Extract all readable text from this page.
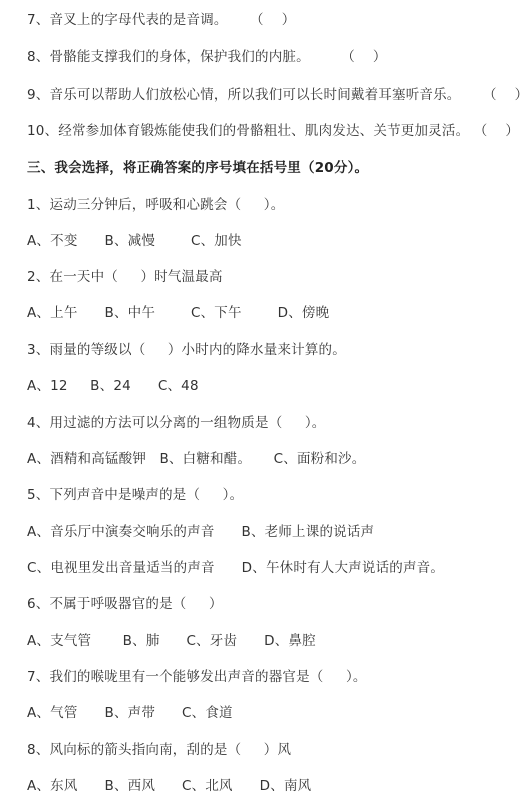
7、音叉上的字母代表的是音调。     （    ）
8、骨骼能支撑我们的身体，保护我们的内脏。       （    ）
9、音乐可以帮助人们放松心情，所以我们可以长时间戴着耳塞听音乐。     （    ）
10、经常参加体育锻炼能使我们的骨骼粗壮、肌肉发达、关节更加灵活。 （    ）
三、我会选择，将正确答案的序号填在括号里（20分）。
1、运动三分钟后，呼吸和心跳会（     ）。
A、不变      B、减慢        C、加快
2、在一天中（     ）时气温最高
A、上午      B、中午        C、下午        D、傍晚
3、雨量的等级以（     ）小时内的降水量来计算的。
A、12     B、24      C、48
4、用过滤的方法可以分离的一组物质是（     ）。
A、酒精和高锰酸钾   B、白糖和醋。     C、面粉和沙。
5、下列声音中是噪声的是（     ）。
A、音乐厅中演奏交响乐的声音      B、老师上课的说话声
C、电视里发出音量适当的声音      D、午休时有人大声说话的声音。
6、不属于呼吸器官的是（     ）
A、支气管       B、肺      C、牙齿      D、鼻腔
7、我们的喉咙里有一个能够发出声音的器官是（     ）。
A、气管      B、声带      C、食道
8、风向标的箭头指向南，刮的是（     ）风
A、东风      B、西风      C、北风      D、南风
